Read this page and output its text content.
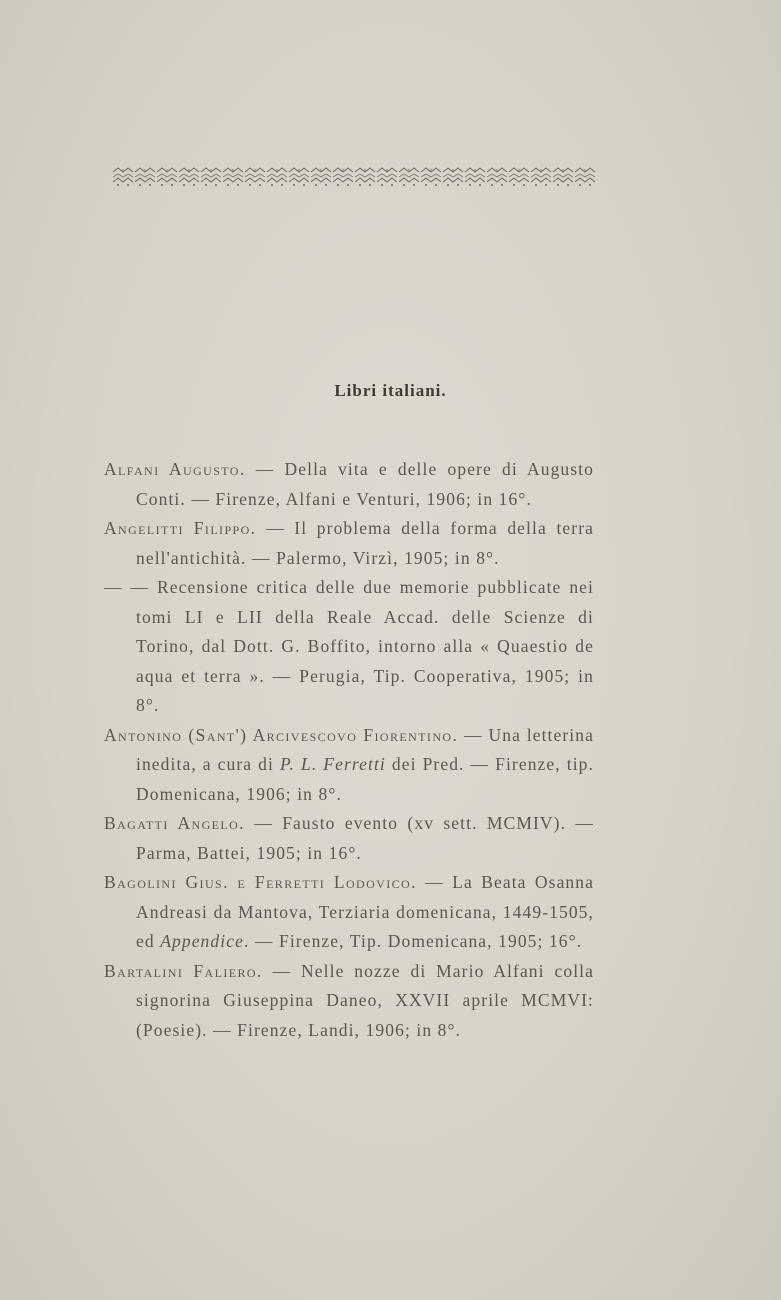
Libri italiani.

Alfani Augusto. — Della vita e delle opere di Augusto Conti. — Firenze, Alfani e Venturi, 1906; in 16°.

Angelitti Filippo. — Il problema della forma della terra nell'antichità. — Palermo, Virzì, 1905; in 8°.

— — Recensione critica delle due memorie pubblicate nei tomi LI e LII della Reale Accad. delle Scienze di Torino, dal Dott. G. Boffito, intorno alla « Quaestio de aqua et terra ». — Perugia, Tip. Cooperativa, 1905; in 8°.

Antonino (Sant') Arcivescovo Fiorentino. — Una letterina inedita, a cura di P. L. Ferretti dei Pred. — Firenze, tip. Domenicana, 1906; in 8°.

Bagatti Angelo. — Fausto evento (xv sett. MCMIV). — Parma, Battei, 1905; in 16°.

Bagolini Gius. e Ferretti Lodovico. — La Beata Osanna Andreasi da Mantova, Terziaria domenicana, 1449-1505, ed Appendice. — Firenze, Tip. Domenicana, 1905; 16°.

Bartalini Faliero. — Nelle nozze di Mario Alfani colla signorina Giuseppina Daneo, XXVII aprile MCMVI: (Poesie). — Firenze, Landi, 1906; in 8°.
